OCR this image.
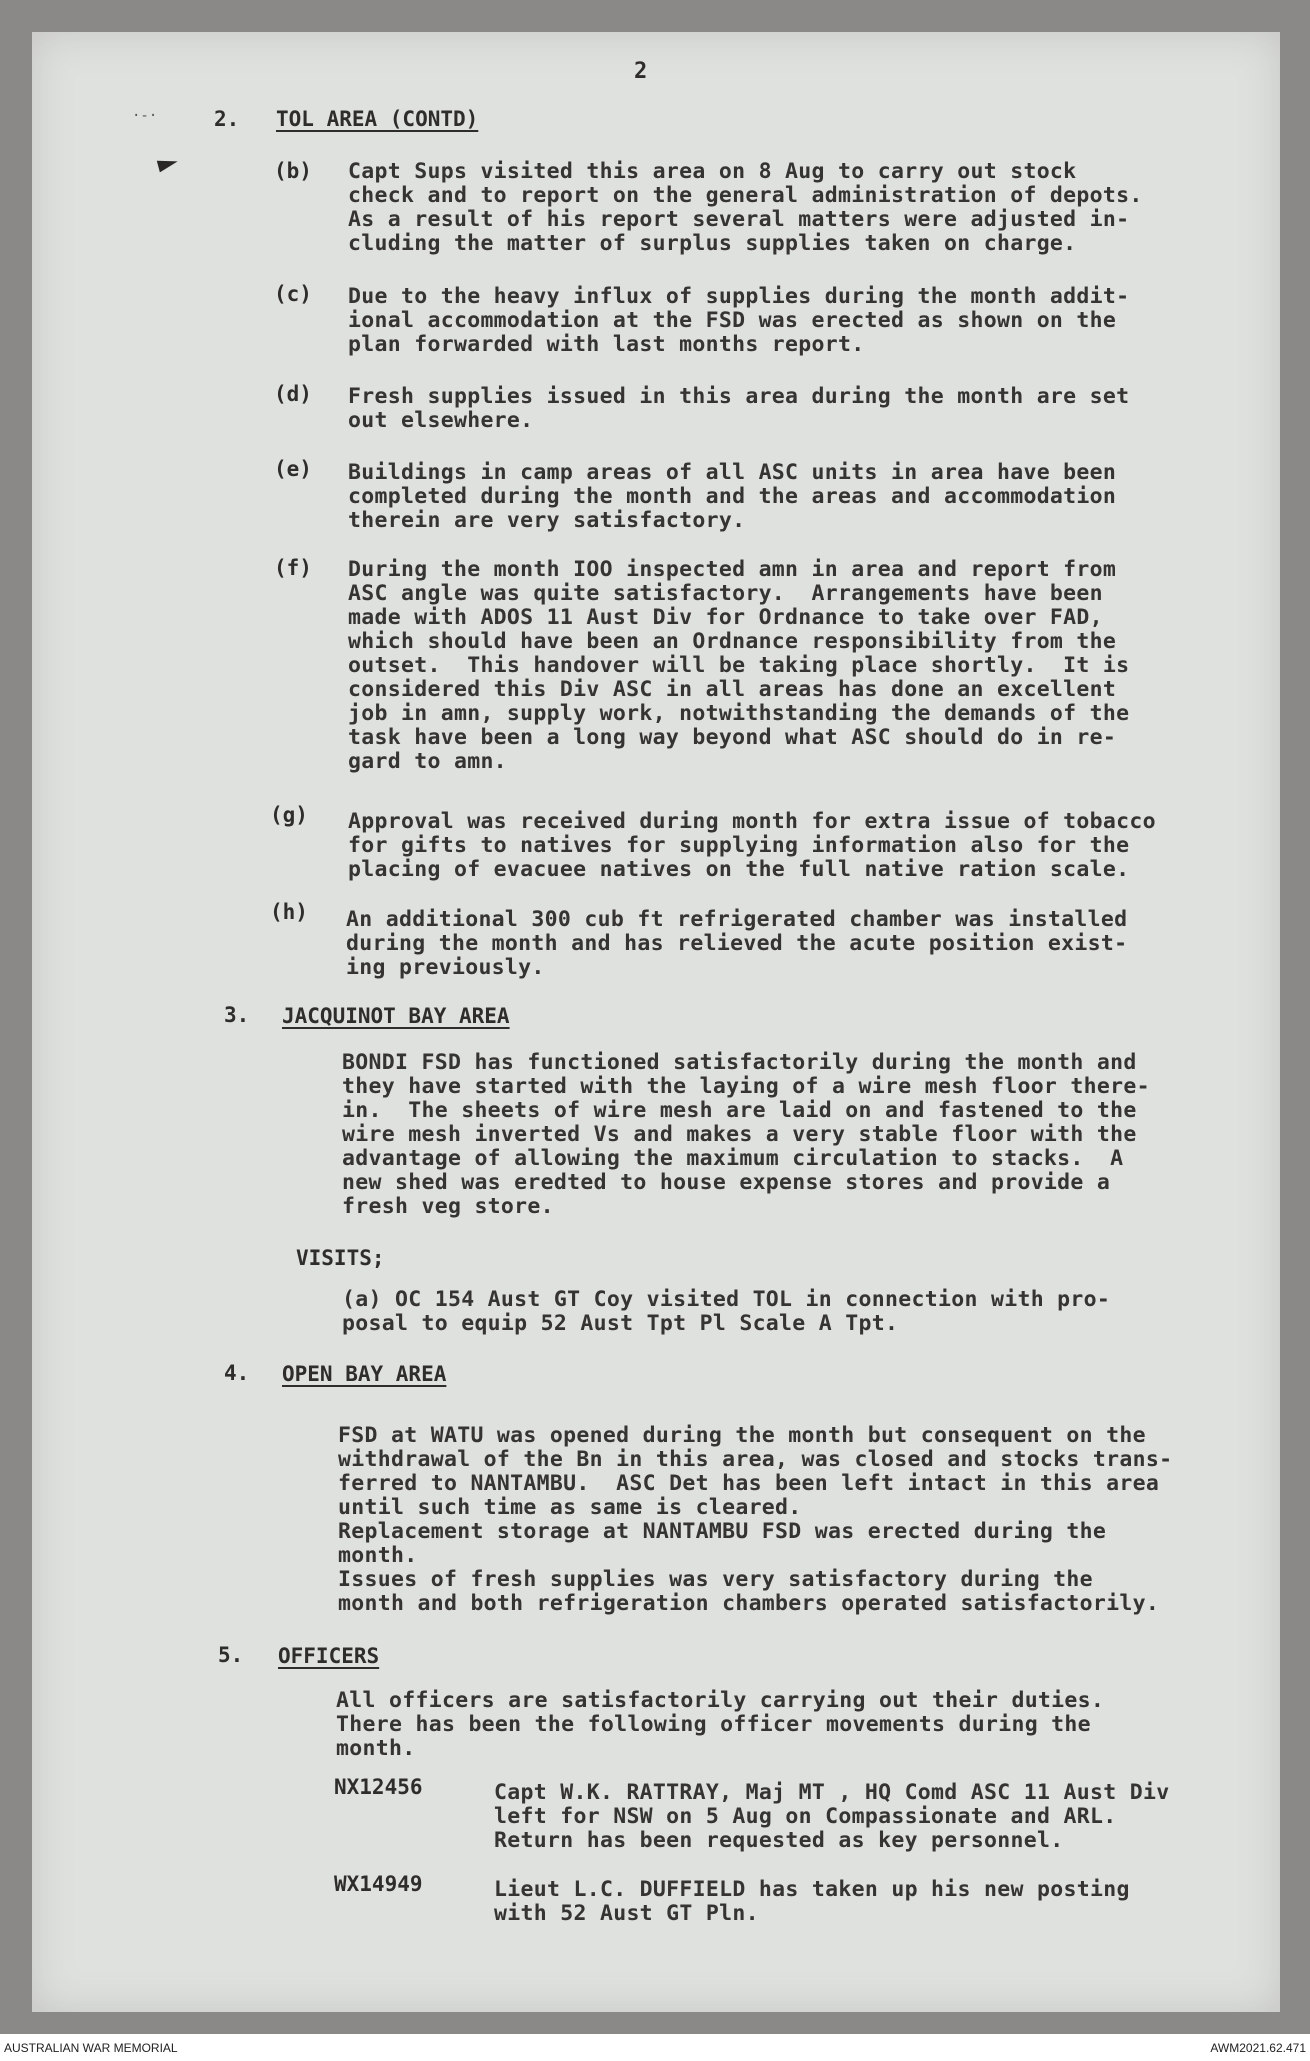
·-·
2
2. TOL AREA (CONTD)
(b) Capt Sups visited this area on 8 Aug to carry out stock
check and to report on the general administration of depots.
As a result of his report several matters were adjusted in-
cluding the matter of surplus supplies taken on charge.
(c) Due to the heavy influx of supplies during the month addit-
ional accommodation at the FSD was erected as shown on the
plan forwarded with last months report.
(d) Fresh supplies issued in this area during the month are set
out elsewhere.
(e) Buildings in camp areas of all ASC units in area have been
completed during the month and the areas and accommodation
therein are very satisfactory.
(f) During the month IOO inspected amn in area and report from
ASC angle was quite satisfactory.  Arrangements have been
made with ADOS 11 Aust Div for Ordnance to take over FAD,
which should have been an Ordnance responsibility from the
outset.  This handover will be taking place shortly.  It is
considered this Div ASC in all areas has done an excellent
job in amn, supply work, notwithstanding the demands of the
task have been a long way beyond what ASC should do in re-
gard to amn.
(g) Approval was received during month for extra issue of tobacco
for gifts to natives for supplying information also for the
placing of evacuee natives on the full native ration scale.
(h) An additional 300 cub ft refrigerated chamber was installed
during the month and has relieved the acute position exist-
ing previously.
3. JACQUINOT BAY AREA
BONDI FSD has functioned satisfactorily during the month and
they have started with the laying of a wire mesh floor there-
in.  The sheets of wire mesh are laid on and fastened to the
wire mesh inverted Vs and makes a very stable floor with the
advantage of allowing the maximum circulation to stacks.  A
new shed was eredted to house expense stores and provide a
fresh veg store.
VISITS;
(a) OC 154 Aust GT Coy visited TOL in connection with pro-
posal to equip 52 Aust Tpt Pl Scale A Tpt.
4. OPEN BAY AREA
FSD at WATU was opened during the month but consequent on the
withdrawal of the Bn in this area, was closed and stocks trans-
ferred to NANTAMBU.  ASC Det has been left intact in this area
until such time as same is cleared.
Replacement storage at NANTAMBU FSD was erected during the
month.
Issues of fresh supplies was very satisfactory during the
month and both refrigeration chambers operated satisfactorily.
5. OFFICERS
All officers are satisfactorily carrying out their duties.
There has been the following officer movements during the
month.
NX12456	Capt W.K. RATTRAY, Maj MT , HQ Comd ASC 11 Aust Div
left for NSW on 5 Aug on Compassionate and ARL.
Return has been requested as key personnel.
WX14949	Lieut L.C. DUFFIELD has taken up his new posting
with 52 Aust GT Pln.
AUSTRALIAN WAR MEMORIAL	AWM2021.62.471
